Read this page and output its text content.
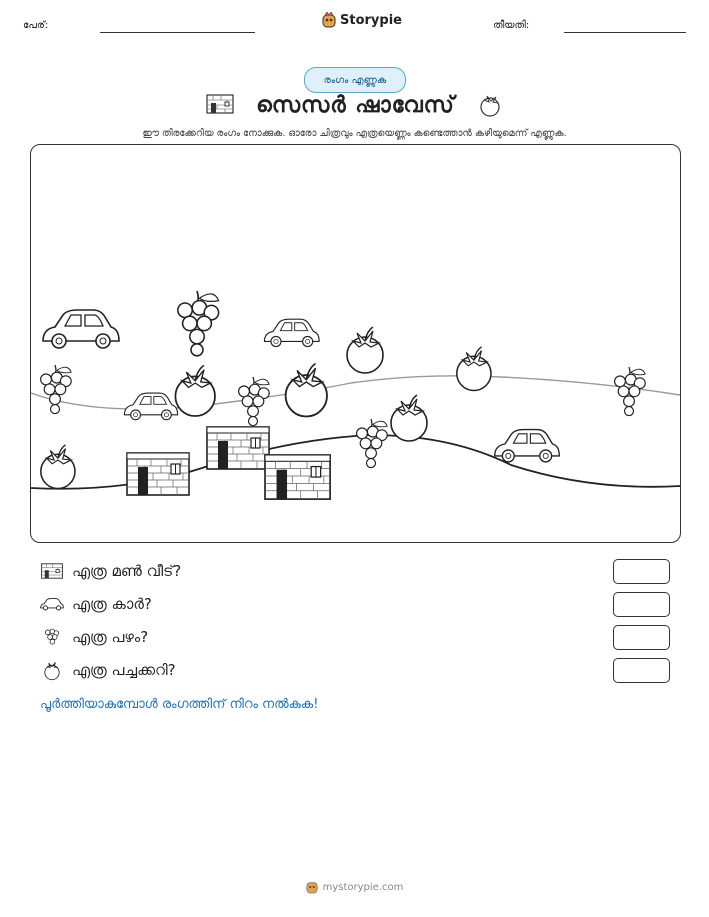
പേര്:	Storypie	തീയതി:
രംഗം എണ്ണുക
സെസർ ഷാവേസ്
ഈ തിരക്കേറിയ രംഗം നോക്കുക. ഓരോ ചിത്രവും എത്രയെണ്ണം കണ്ടെത്താൻ കഴിയുമെന്ന് എണ്ണുക.
എത്ര മൺ വീട്?
എത്ര കാർ?
എത്ര പഴം?
എത്ര പച്ചക്കറി?
പൂർത്തിയാകുമ്പോൾ രംഗത്തിന് നിറം നൽകുക!
mystorypie.com
